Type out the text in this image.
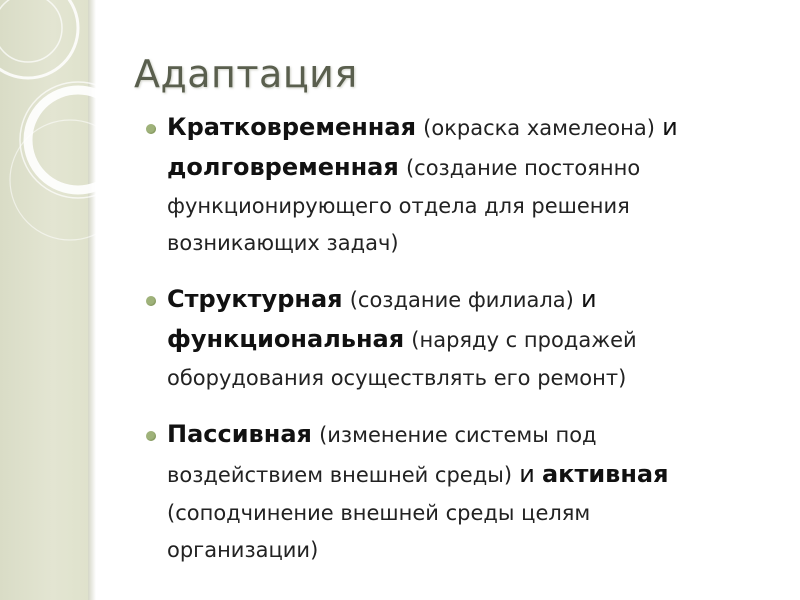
Адаптация
Кратковременная (окраска хамелеона) и
долговременная (создание постоянно
функционирующего отдела для решения
возникающих задач)
Структурная (создание филиала) и
функциональная (наряду с продажей
оборудования осуществлять его ремонт)
Пассивная (изменение системы под
воздействием внешней среды) и активная
(соподчинение внешней среды целям
организации)
